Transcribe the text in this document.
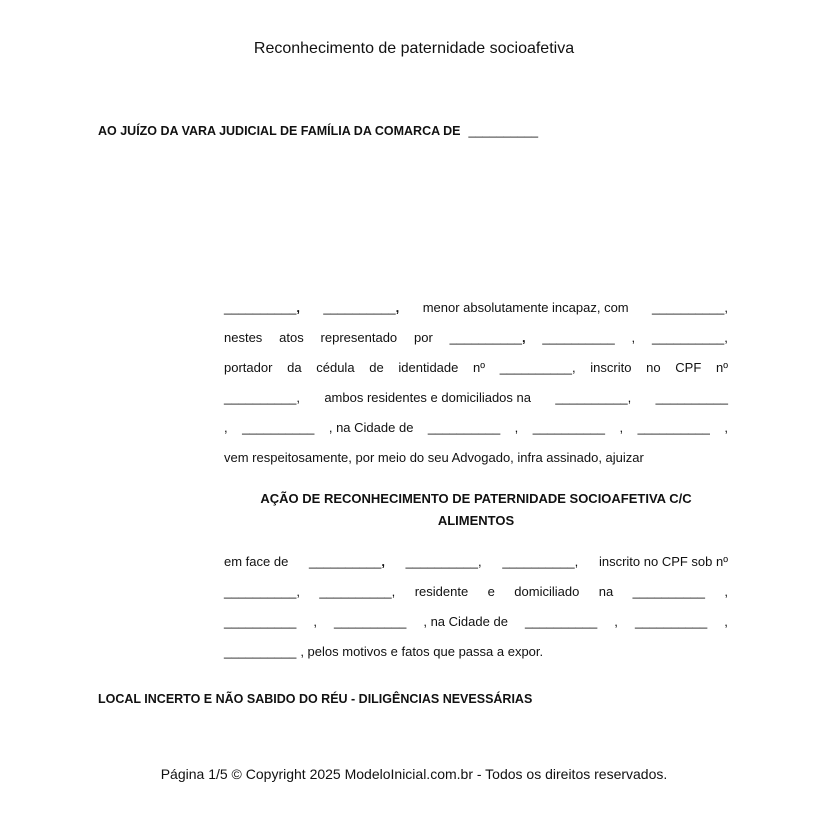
Reconhecimento de paternidade socioafetiva
AO JUÍZO DA VARA JUDICIAL DE FAMÍLIA DA COMARCA DE __________
__________, __________, menor absolutamente incapaz, com __________,
nestes atos representado por __________, __________ , __________,
portador da cédula de identidade nº __________, inscrito no CPF nº
__________, ambos residentes e domiciliados na __________, __________
, __________ , na Cidade de __________ , __________ , __________ ,
vem respeitosamente, por meio do seu Advogado, infra assinado, ajuizar
AÇÃO DE RECONHECIMENTO DE PATERNIDADE SOCIOAFETIVA C/C
ALIMENTOS
em face de __________, __________, __________, inscrito no CPF sob nº
__________, __________, residente e domiciliado na __________ ,
__________ , __________ , na Cidade de __________ , __________ ,
__________ , pelos motivos e fatos que passa a expor.
LOCAL INCERTO E NÃO SABIDO DO RÉU - DILIGÊNCIAS NEVESSÁRIAS
Página 1/5 © Copyright 2025 ModeloInicial.com.br - Todos os direitos reservados.
